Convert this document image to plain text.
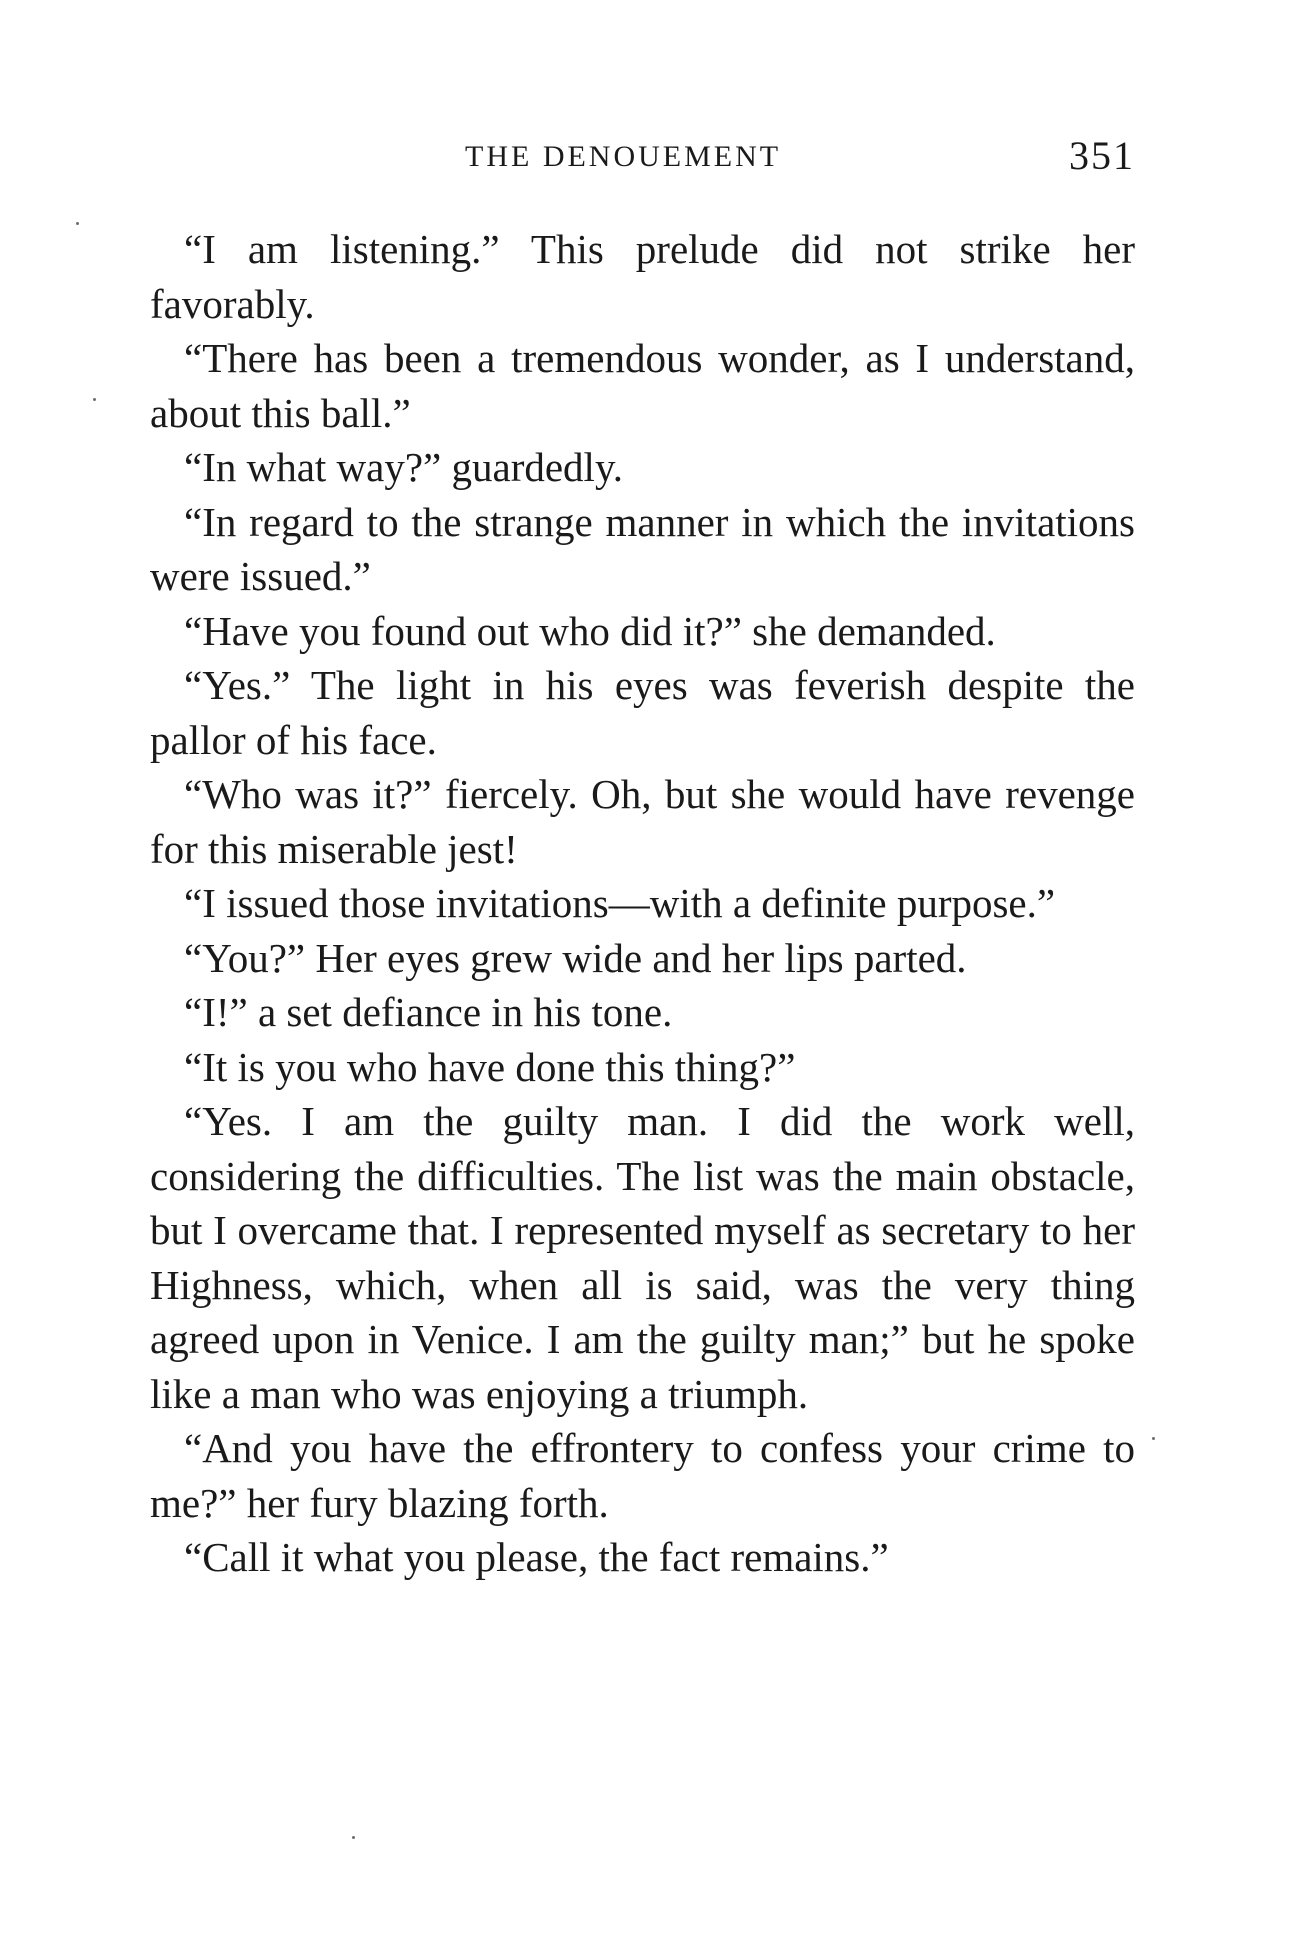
THE DENOUEMENT	351

“I am listening.” This prelude did not strike her favorably.

“There has been a tremendous wonder, as I understand, about this ball.”

“In what way?” guardedly.

“In regard to the strange manner in which the invitations were issued.”

“Have you found out who did it?” she demanded.

“Yes.” The light in his eyes was feverish despite the pallor of his face.

“Who was it?” fiercely. Oh, but she would have revenge for this miserable jest!

“I issued those invitations—with a definite purpose.”

“You?” Her eyes grew wide and her lips parted.

“I!” a set defiance in his tone.

“It is you who have done this thing?”

“Yes. I am the guilty man. I did the work well, considering the difficulties. The list was the main obstacle, but I overcame that. I represented myself as secretary to her Highness, which, when all is said, was the very thing agreed upon in Venice. I am the guilty man;” but he spoke like a man who was enjoying a triumph.

“And you have the effrontery to confess your crime to me?” her fury blazing forth.

“Call it what you please, the fact remains.”
